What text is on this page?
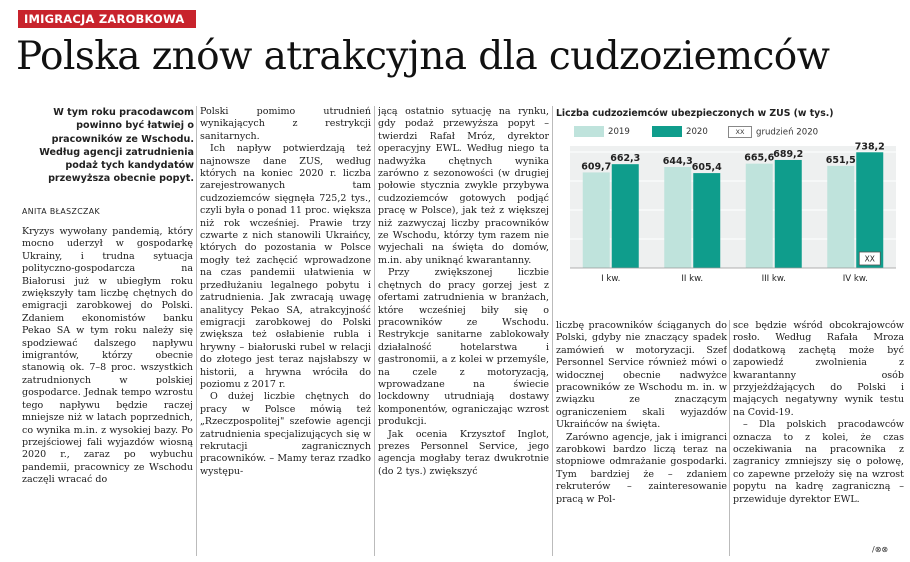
IMIGRACJA ZAROBKOWA
Polska znów atrakcyjna dla cudzoziemców
W tym roku pracodawcom powinno być łatwiej o pracowników ze Wschodu. Według agencji zatrudnienia podaż tych kandydatów przewyższa obecnie popyt.
ANITA BŁASZCZAK

Kryzys wywołany pandemią, który mocno uderzył w gospodarkę Ukrainy, i trudna sytuacja polityczno-gospodarcza na Białorusi już w ubiegłym roku zwiększyły tam liczbę chętnych do emigracji zarobkowej do Polski. Zdaniem ekonomistów banku Pekao SA w tym roku należy się spodziewać dalszego napływu imigrantów, którzy obecnie stanowią ok. 7–8 proc. wszystkich zatrudnionych w polskiej gospodarce. Jednak tempo wzrostu tego napływu będzie raczej mniejsze niż w latach poprzednich, co wynika m.in. z wysokiej bazy. Po przejściowej fali wyjazdów wiosną 2020 r., zaraz po wybuchu pandemii, pracownicy ze Wschodu zaczęli wracać do

Polski pomimo utrudnień wynikających z restrykcji sanitarnych.

Ich napływ potwierdzają też najnowsze dane ZUS, według których na koniec 2020 r. liczba zarejestrowanych tam cudzoziemców sięgnęła 725,2 tys., czyli była o ponad 11 proc. większa niż rok wcześniej. Prawie trzy czwarte z nich stanowili Ukraińcy, których do pozostania w Polsce mogły też zachęcić wprowadzone na czas pandemii ułatwienia w przedłużaniu legalnego pobytu i zatrudnienia. Jak zwracają uwagę analitycy Pekao SA, atrakcyjność emigracji zarobkowej do Polski zwiększa też osłabienie rubla i hrywny – białoruski rubel w relacji do złotego jest teraz najsłabszy w historii, a hrywna wróciła do poziomu z 2017 r.

O dużej liczbie chętnych do pracy w Polsce mówią też „Rzeczpospolitej" szefowie agencji zatrudnienia specjalizujących się w rekrutacji zagranicznych pracowników. – Mamy teraz rzadko występu-

jącą ostatnio sytuację na rynku, gdy podaż przewyższa popyt – twierdzi Rafał Mróz, dyrektor operacyjny EWL. Według niego ta nadwyżka chętnych wynika zarówno z sezonowości (w drugiej połowie stycznia zwykle przybywa cudzoziemców gotowych podjąć pracę w Polsce), jak też z większej niż zazwyczaj liczby pracowników ze Wschodu, którzy tym razem nie wyjechali na święta do domów, m.in. aby uniknąć kwarantanny.

Przy zwiększonej liczbie chętnych do pracy gorzej jest z ofertami zatrudnienia w branżach, które wcześniej biły się o pracowników ze Wschodu. Restrykcje sanitarne zablokowały działalność hotelarstwa i gastronomii, a z kolei w przemyśle, na czele z motoryzacją, wprowadzane na świecie lockdowny utrudniają dostawy komponentów, ograniczając wzrost produkcji.

Jak ocenia Krzysztof Inglot, prezes Personnel Service, jego agencja mogłaby teraz dwukrotnie (do 2 tys.) zwiększyć

Liczba cudzoziemców ubezpieczonych w ZUS (w tys.)
2019	2020	XX grudzień 2020
609,7
662,3
I kw.
644,3
605,4
II kw.
665,6
689,2
III kw.
651,5
738,2
IV kw.
XX

liczbę pracowników ściąganych do Polski, gdyby nie znaczący spadek zamówień w motoryzacji. Szef Personnel Service również mówi o widocznej obecnie nadwyżce pracowników ze Wschodu m. in. w związku ze znaczącym ograniczeniem skali wyjazdów Ukraińców na święta.

Zarówno agencje, jak i imigranci zarobkowi bardzo liczą teraz na stopniowe odmrażanie gospodarki. Tym bardziej że – zdaniem rekruterów – zainteresowanie pracą w Pol-

sce będzie wśród obcokrajowców rosło. Według Rafała Mroza dodatkową zachętą może być zapowiedź zwolnienia z kwarantanny osób przyjeżdżających do Polski i mających negatywny wynik testu na Covid-19.

– Dla polskich pracodawców oznacza to z kolei, że czas oczekiwania na pracownika z zagranicy zmniejszy się o połowę, co zapewne przełoży się na wzrost popytu na kadrę zagraniczną – przewiduje dyrektor EWL.

/⊗⊗
